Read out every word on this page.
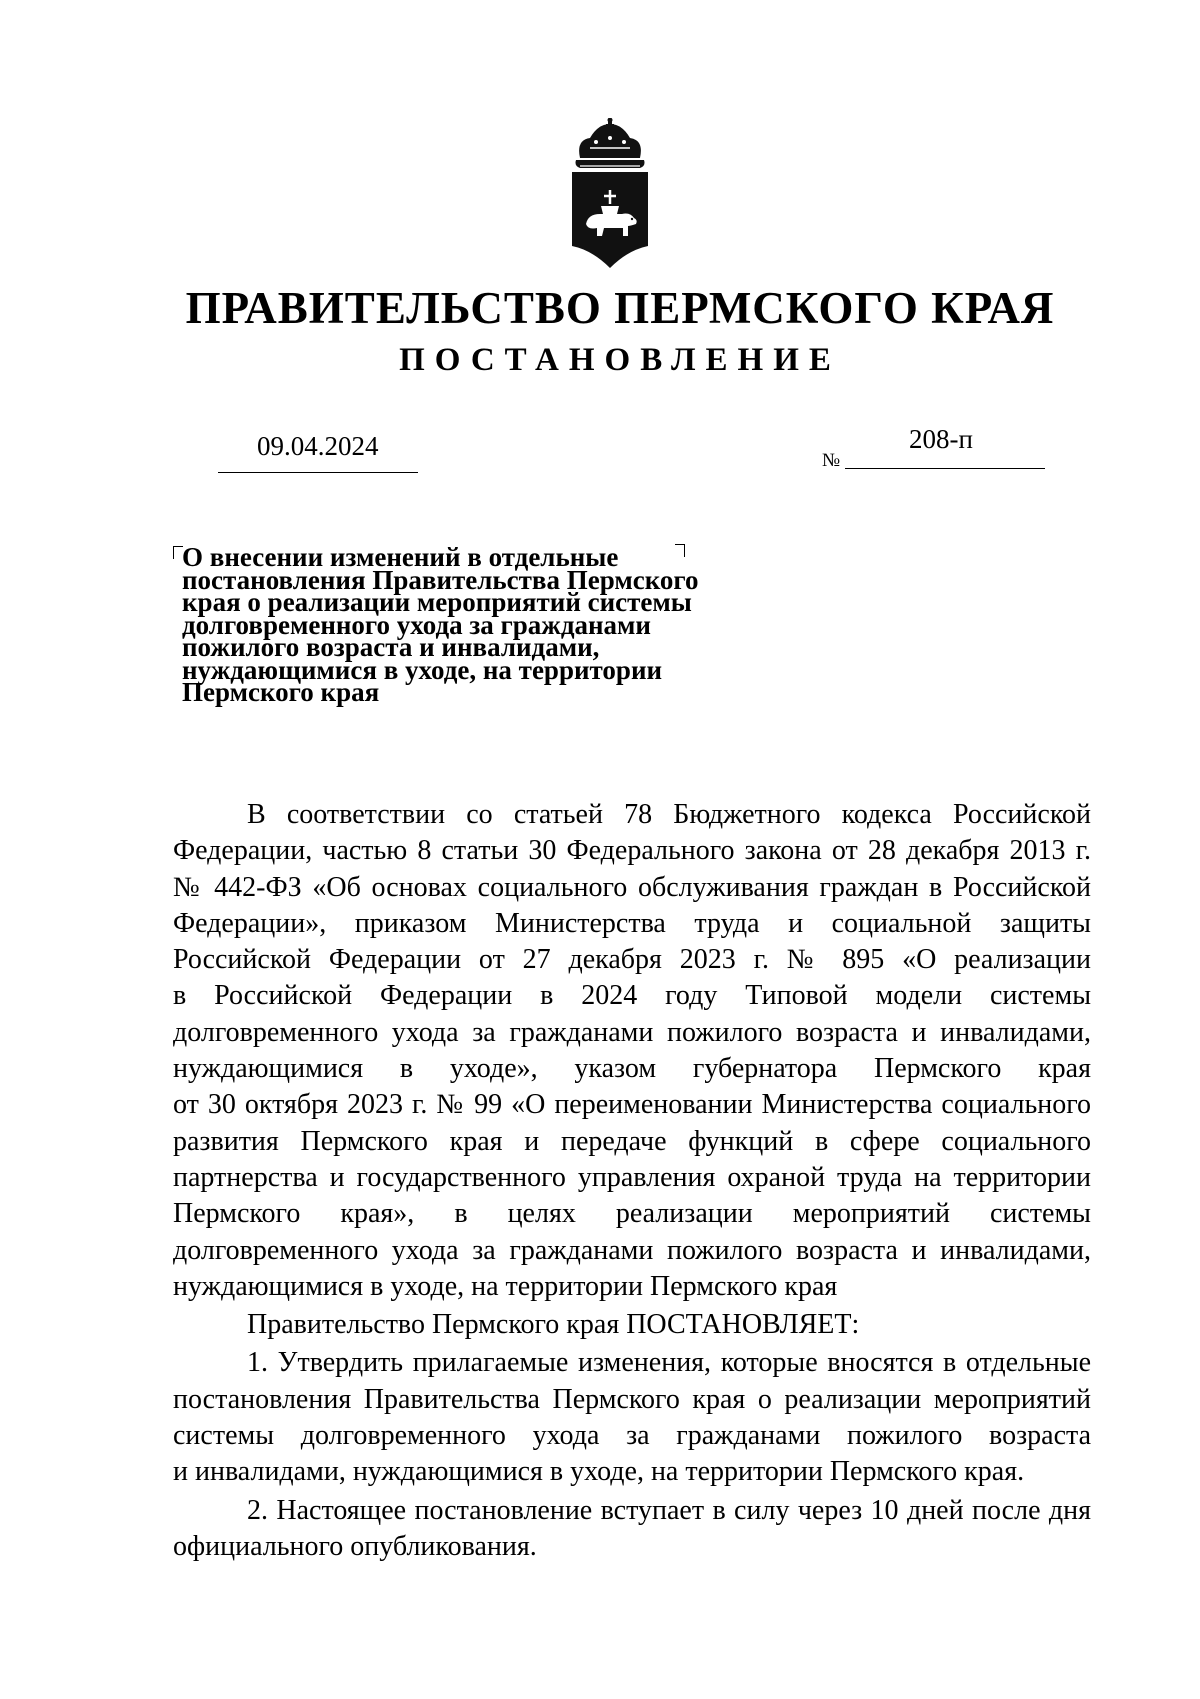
ПРАВИТЕЛЬСТВО ПЕРМСКОГО КРАЯ
ПОСТАНОВЛЕНИЕ
09.04.2024	№
208-п
О внесении изменений в отдельные
постановления Правительства Пермского
края о реализации мероприятий системы
долговременного ухода за гражданами
пожилого возраста и инвалидами,
нуждающимися в уходе, на территории
Пермского края

В соответствии со статьей 78 Бюджетного кодекса Российской

Федерации, частью 8 статьи 30 Федерального закона от 28 декабря 2013 г.

№ 442-ФЗ «Об основах социального обслуживания граждан в Российской

Федерации», приказом Министерства труда и социальной защиты

Российской Федерации от 27 декабря 2023 г. № 895 «О реализации

в Российской Федерации в 2024 году Типовой модели системы

долговременного ухода за гражданами пожилого возраста и инвалидами,

нуждающимися в уходе», указом губернатора Пермского края

от 30 октября 2023 г. № 99 «О переименовании Министерства социального

развития Пермского края и передаче функций в сфере социального

партнерства и государственного управления охраной труда на территории

Пермского края», в целях реализации мероприятий системы

долговременного ухода за гражданами пожилого возраста и инвалидами,

нуждающимися в уходе, на территории Пермского края

Правительство Пермского края ПОСТАНОВЛЯЕТ:

1. Утвердить прилагаемые изменения, которые вносятся в отдельные

постановления Правительства Пермского края о реализации мероприятий

системы долговременного ухода за гражданами пожилого возраста

и инвалидами, нуждающимися в уходе, на территории Пермского края.

2. Настоящее постановление вступает в силу через 10 дней после дня

официального опубликования.
